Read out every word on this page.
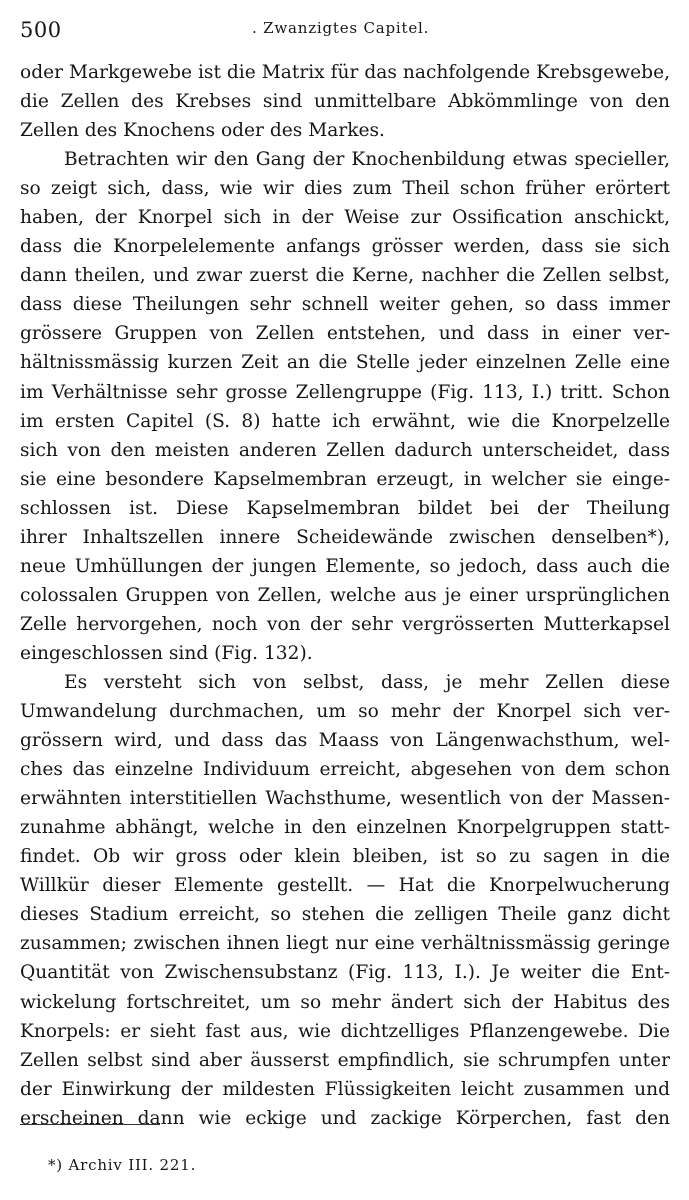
500	. Zwanzigtes Capitel.
oder Markgewebe ist die Matrix für das nachfolgende Krebsgewebe,
die Zellen des Krebses sind unmittelbare Abkömmlinge von den
Zellen des Knochens oder des Markes.
Betrachten wir den Gang der Knochenbildung etwas specieller,
so zeigt sich, dass, wie wir dies zum Theil schon früher erörtert
haben, der Knorpel sich in der Weise zur Ossification anschickt,
dass die Knorpelelemente anfangs grösser werden, dass sie sich
dann theilen, und zwar zuerst die Kerne, nachher die Zellen selbst,
dass diese Theilungen sehr schnell weiter gehen, so dass immer
grössere Gruppen von Zellen entstehen, und dass in einer ver-
hältnissmässig kurzen Zeit an die Stelle jeder einzelnen Zelle eine
im Verhältnisse sehr grosse Zellengruppe (Fig. 113, I.) tritt. Schon
im ersten Capitel (S. 8) hatte ich erwähnt, wie die Knorpelzelle
sich von den meisten anderen Zellen dadurch unterscheidet, dass
sie eine besondere Kapselmembran erzeugt, in welcher sie einge-
schlossen ist. Diese Kapselmembran bildet bei der Theilung
ihrer Inhaltszellen innere Scheidewände zwischen denselben*),
neue Umhüllungen der jungen Elemente, so jedoch, dass auch die
colossalen Gruppen von Zellen, welche aus je einer ursprünglichen
Zelle hervorgehen, noch von der sehr vergrösserten Mutterkapsel
eingeschlossen sind (Fig. 132).
Es versteht sich von selbst, dass, je mehr Zellen diese
Umwandelung durchmachen, um so mehr der Knorpel sich ver-
grössern wird, und dass das Maass von Längenwachsthum, wel-
ches das einzelne Individuum erreicht, abgesehen von dem schon
erwähnten interstitiellen Wachsthume, wesentlich von der Massen-
zunahme abhängt, welche in den einzelnen Knorpelgruppen statt-
findet. Ob wir gross oder klein bleiben, ist so zu sagen in die
Willkür dieser Elemente gestellt. — Hat die Knorpelwucherung
dieses Stadium erreicht, so stehen die zelligen Theile ganz dicht
zusammen; zwischen ihnen liegt nur eine verhältnissmässig geringe
Quantität von Zwischensubstanz (Fig. 113, I.). Je weiter die Ent-
wickelung fortschreitet, um so mehr ändert sich der Habitus des
Knorpels: er sieht fast aus, wie dichtzelliges Pflanzengewebe. Die
Zellen selbst sind aber äusserst empfindlich, sie schrumpfen unter
der Einwirkung der mildesten Flüssigkeiten leicht zusammen und
erscheinen dann wie eckige und zackige Körperchen, fast den
*) Archiv III. 221.
